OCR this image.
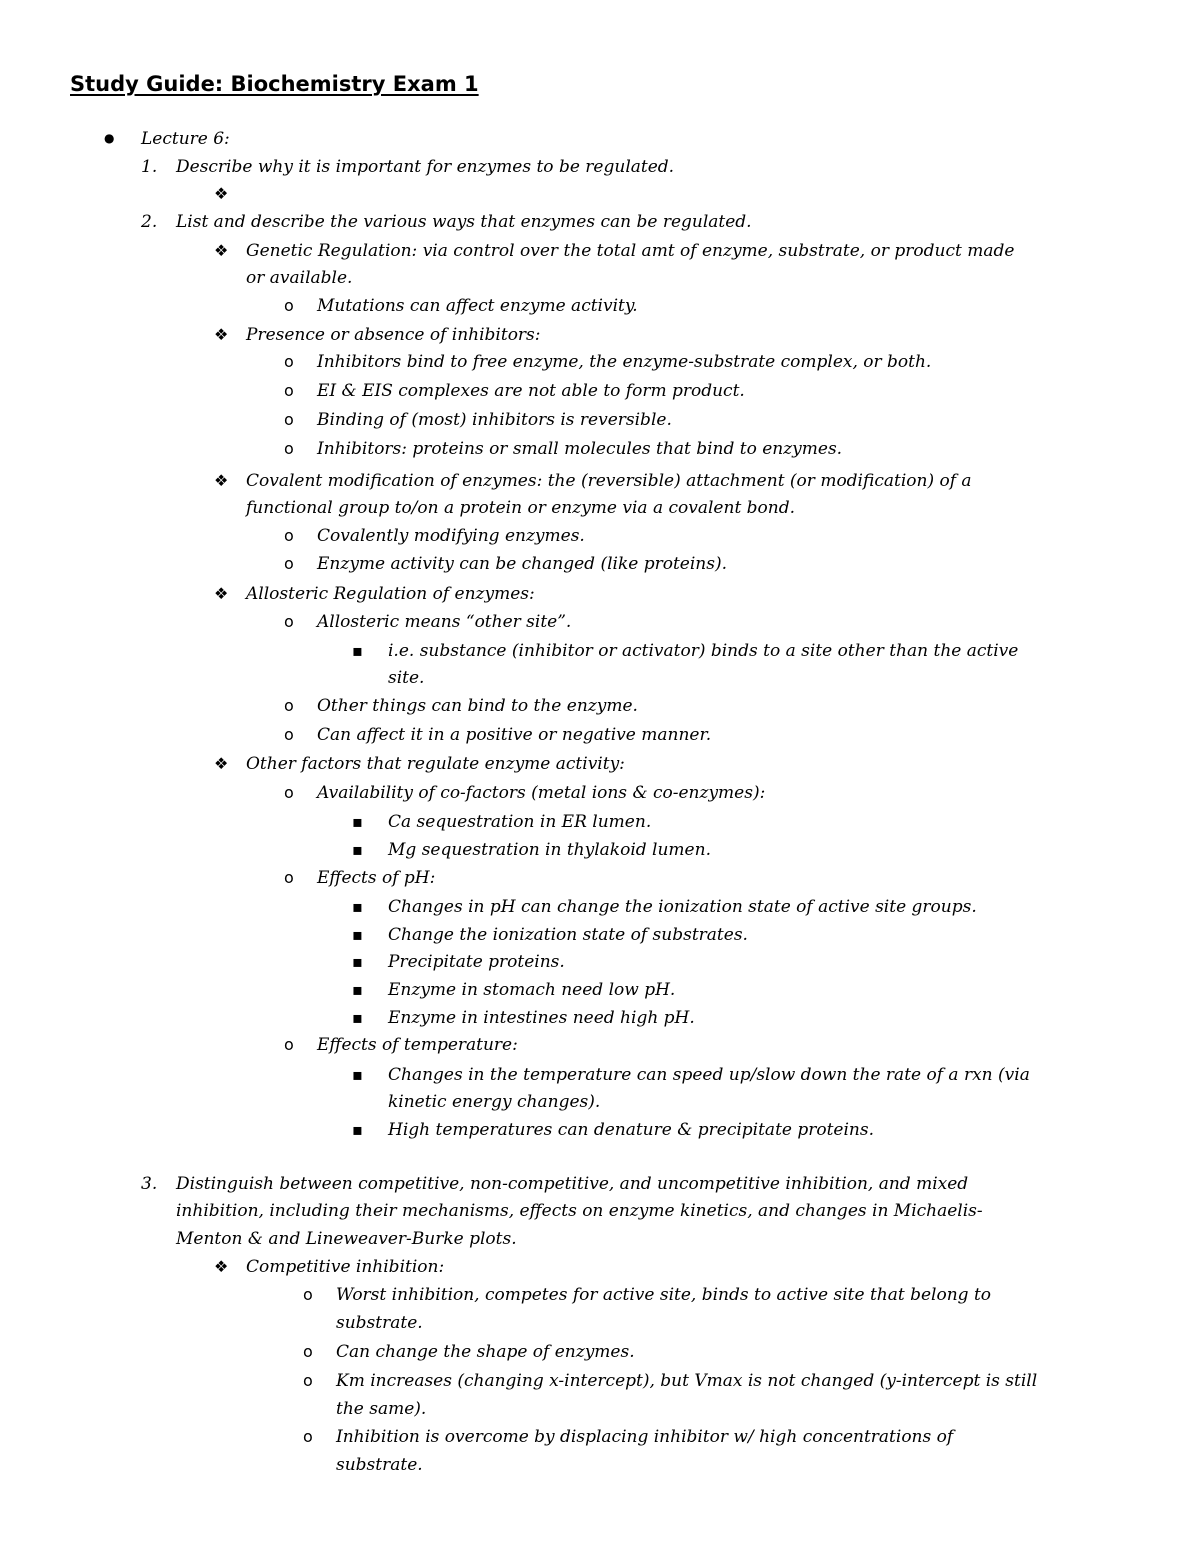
Study Guide: Biochemistry Exam 1
● Lecture 6:
1. Describe why it is important for enzymes to be regulated.
❖
2. List and describe the various ways that enzymes can be regulated.
❖ Genetic Regulation: via control over the total amt of enzyme, substrate, or product made
or available.
o Mutations can affect enzyme activity.
❖ Presence or absence of inhibitors:
o Inhibitors bind to free enzyme, the enzyme-substrate complex, or both.
o EI & EIS complexes are not able to form product.
o Binding of (most) inhibitors is reversible.
o Inhibitors: proteins or small molecules that bind to enzymes.
❖ Covalent modification of enzymes: the (reversible) attachment (or modification) of a
functional group to/on a protein or enzyme via a covalent bond.
o Covalently modifying enzymes.
o Enzyme activity can be changed (like proteins).
❖ Allosteric Regulation of enzymes:
o Allosteric means “other site”.
▪ i.e. substance (inhibitor or activator) binds to a site other than the active
site.
o Other things can bind to the enzyme.
o Can affect it in a positive or negative manner.
❖ Other factors that regulate enzyme activity:
o Availability of co-factors (metal ions & co-enzymes):
▪ Ca sequestration in ER lumen.
▪ Mg sequestration in thylakoid lumen.
o Effects of pH:
▪ Changes in pH can change the ionization state of active site groups.
▪ Change the ionization state of substrates.
▪ Precipitate proteins.
▪ Enzyme in stomach need low pH.
▪ Enzyme in intestines need high pH.
o Effects of temperature:
▪ Changes in the temperature can speed up/slow down the rate of a rxn (via
kinetic energy changes).
▪ High temperatures can denature & precipitate proteins.
3. Distinguish between competitive, non-competitive, and uncompetitive inhibition, and mixed
inhibition, including their mechanisms, effects on enzyme kinetics, and changes in Michaelis-
Menton & and Lineweaver-Burke plots.
❖ Competitive inhibition:
o Worst inhibition, competes for active site, binds to active site that belong to
substrate.
o Can change the shape of enzymes.
o Km increases (changing x-intercept), but Vmax is not changed (y-intercept is still
the same).
o Inhibition is overcome by displacing inhibitor w/ high concentrations of
substrate.
